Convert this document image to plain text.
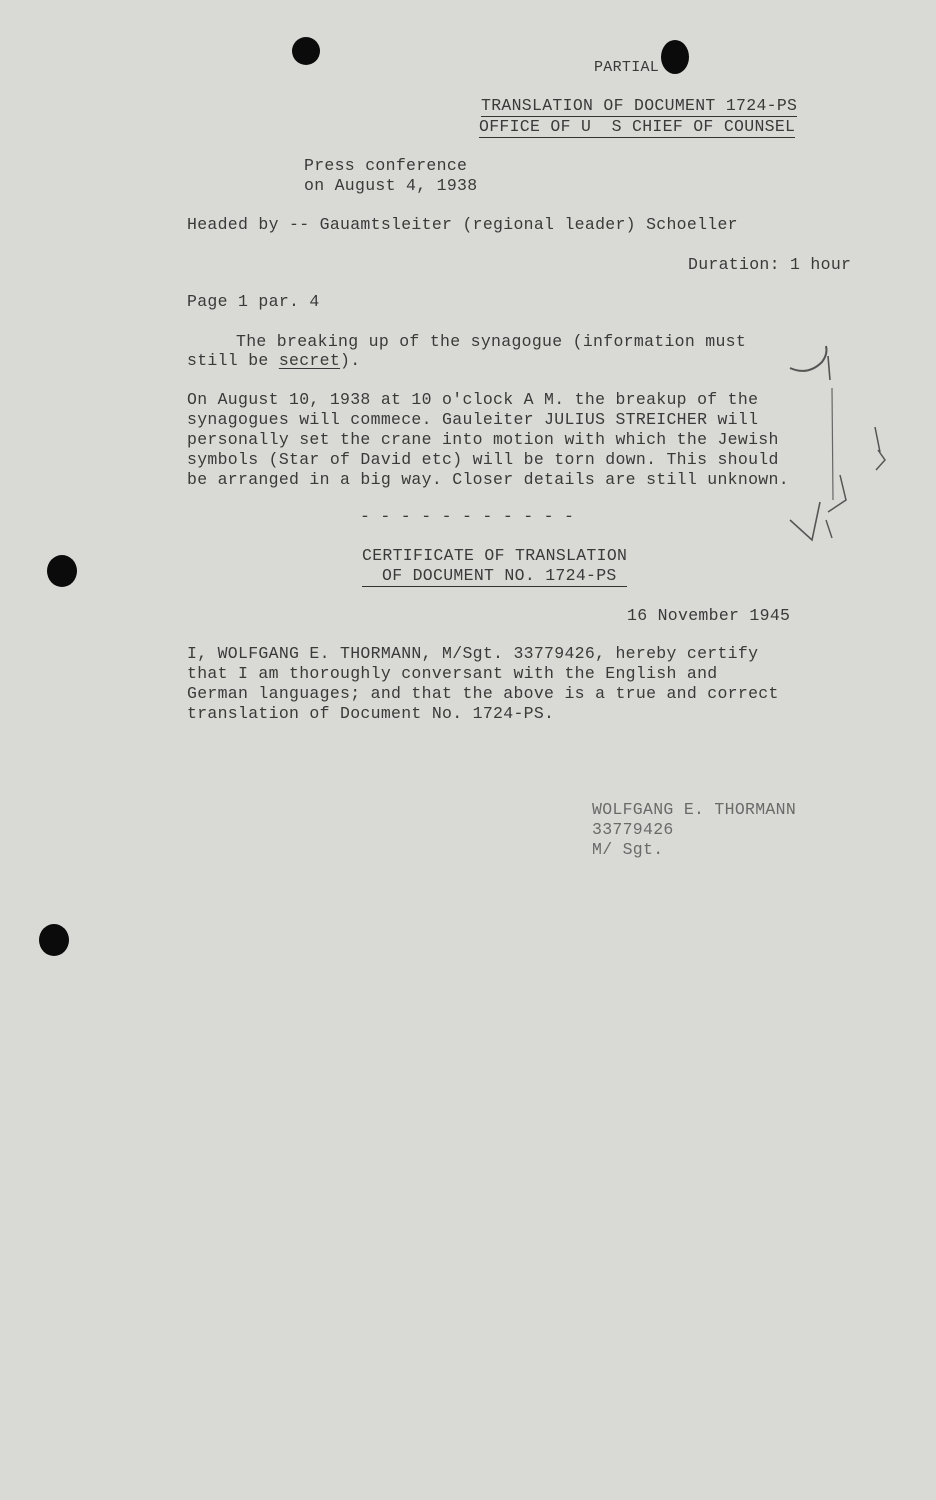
PARTIAL
TRANSLATION OF DOCUMENT 1724-PS
OFFICE OF U  S CHIEF OF COUNSEL
Press conference
on August 4, 1938
Headed by -- Gauamtsleiter (regional leader) Schoeller
Duration: 1 hour
Page 1 par. 4
The breaking up of the synagogue (information must
still be secret).
On August 10, 1938 at 10 o'clock A M. the breakup of the
synagogues will commece. Gauleiter JULIUS STREICHER will
personally set the crane into motion with which the Jewish
symbols (Star of David etc) will be torn down. This should
be arranged in a big way. Closer details are still unknown.
- - - - - - - - - - -
CERTIFICATE OF TRANSLATION
OF DOCUMENT NO. 1724-PS
16 November 1945
I, WOLFGANG E. THORMANN, M/Sgt. 33779426, hereby certify
that I am thoroughly conversant with the English and
German languages; and that the above is a true and correct
translation of Document No. 1724-PS.
WOLFGANG E. THORMANN
33779426
M/ Sgt.
